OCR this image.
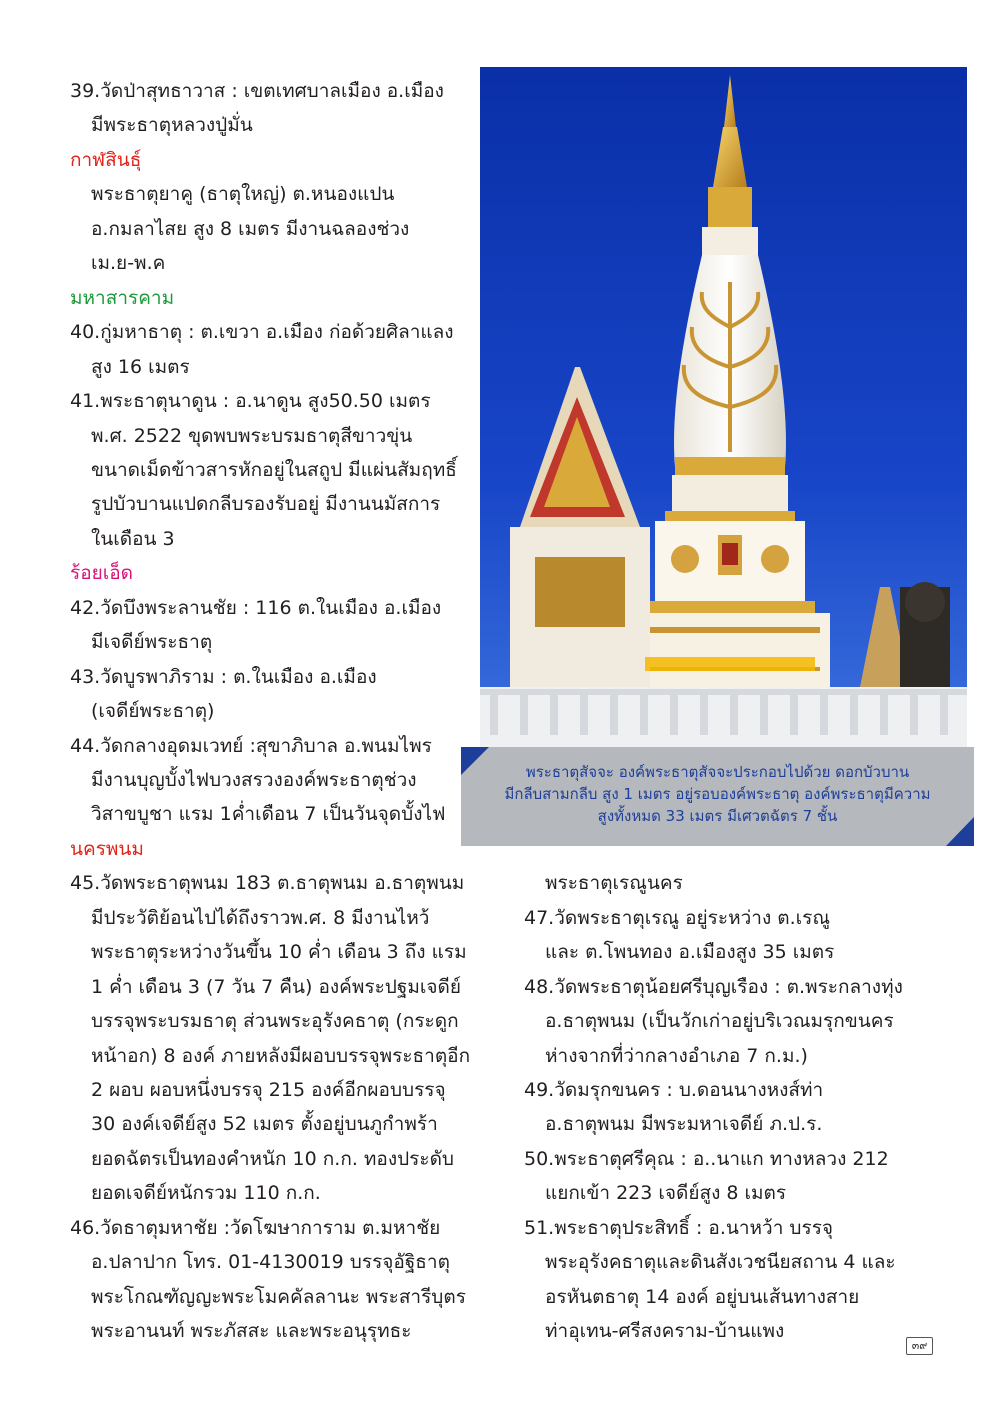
39.วัดป่าสุทธาวาส : เขตเทศบาลเมือง อ.เมือง
มีพระธาตุหลวงปู่มั่น
กาฬสินธุ์
พระธาตุยาคู (ธาตุใหญ่) ต.หนองแปน
อ.กมลาไสย สูง 8 เมตร มีงานฉลองช่วง
เม.ย-พ.ค
มหาสารคาม
40.กู่มหาธาตุ : ต.เขวา อ.เมือง ก่อด้วยศิลาแลง
สูง 16 เมตร
41.พระธาตุนาดูน : อ.นาดูน สูง50.50 เมตร
พ.ศ. 2522 ขุดพบพระบรมธาตุสีขาวขุ่น
ขนาดเม็ดข้าวสารหักอยู่ในสถูป มีแผ่นสัมฤทธิ์
รูปบัวบานแปดกลีบรองรับอยู่ มีงานนมัสการ
ในเดือน 3
ร้อยเอ็ด
42.วัดบึงพระลานชัย : 116 ต.ในเมือง อ.เมือง
มีเจดีย์พระธาตุ
43.วัดบูรพาภิราม : ต.ในเมือง อ.เมือง
(เจดีย์พระธาตุ)
44.วัดกลางอุดมเวทย์ :สุขาภิบาล อ.พนมไพร
มีงานบุญบั้งไฟบวงสรวงองค์พระธาตุช่วง
วิสาขบูชา แรม 1ค่ำเดือน 7 เป็นวันจุดบั้งไฟ
นครพนม
45.วัดพระธาตุพนม 183 ต.ธาตุพนม อ.ธาตุพนม
มีประวัติย้อนไปได้ถึงราวพ.ศ. 8 มีงานไหว้
พระธาตุระหว่างวันขึ้น 10 ค่ำ เดือน 3 ถึง แรม
1 ค่ำ เดือน 3 (7 วัน 7 คืน) องค์พระปฐมเจดีย์
บรรจุพระบรมธาตุ ส่วนพระอุรังคธาตุ (กระดูก
หน้าอก) 8 องค์ ภายหลังมีผอบบรรจุพระธาตุอีก
2 ผอบ ผอบหนึ่งบรรจุ 215 องค์อีกผอบบรรจุ
30 องค์เจดีย์สูง 52 เมตร ตั้งอยู่บนภูกำพร้า
ยอดฉัตรเป็นทองคำหนัก 10 ก.ก. ทองประดับ
ยอดเจดีย์หนักรวม 110 ก.ก.
46.วัดธาตุมหาชัย :วัดโฆษาการาม ต.มหาชัย
อ.ปลาปาก โทร. 01-4130019 บรรจุอัฐิธาตุ
พระโกณฑัญญะพระโมคคัลลานะ พระสารีบุตร
พระอานนท์ พระภัสสะ และพระอนุรุทธะ
พระธาตุสัจจะ องค์พระธาตุสัจจะประกอบไปด้วย ดอกบัวบาน
มีกลีบสามกลีบ สูง 1 เมตร อยู่รอบองค์พระธาตุ องค์พระธาตุมีความ
สูงทั้งหมด 33 เมตร มีเศวตฉัตร 7 ชั้น
พระธาตุเรณูนคร
47.วัดพระธาตุเรณู อยู่ระหว่าง ต.เรณู
และ ต.โพนทอง อ.เมืองสูง 35 เมตร
48.วัดพระธาตุน้อยศรีบุญเรือง : ต.พระกลางทุ่ง
อ.ธาตุพนม (เป็นวักเก่าอยู่บริเวณมรุกขนคร
ห่างจากที่ว่ากลางอำเภอ 7 ก.ม.)
49.วัดมรุกขนคร : บ.ดอนนางหงส์ท่า
อ.ธาตุพนม มีพระมหาเจดีย์ ภ.ป.ร.
50.พระธาตุศรีคุณ : อ..นาแก ทางหลวง 212
แยกเข้า 223 เจดีย์สูง 8 เมตร
51.พระธาตุประสิทธิ์ : อ.นาหว้า บรรจุ
พระอุรังคธาตุและดินสังเวชนียสถาน 4 และ
อรหันตธาตุ 14 องค์ อยู่บนเส้นทางสาย
ท่าอุเทน-ศรีสงคราม-บ้านแพง
๓๙
